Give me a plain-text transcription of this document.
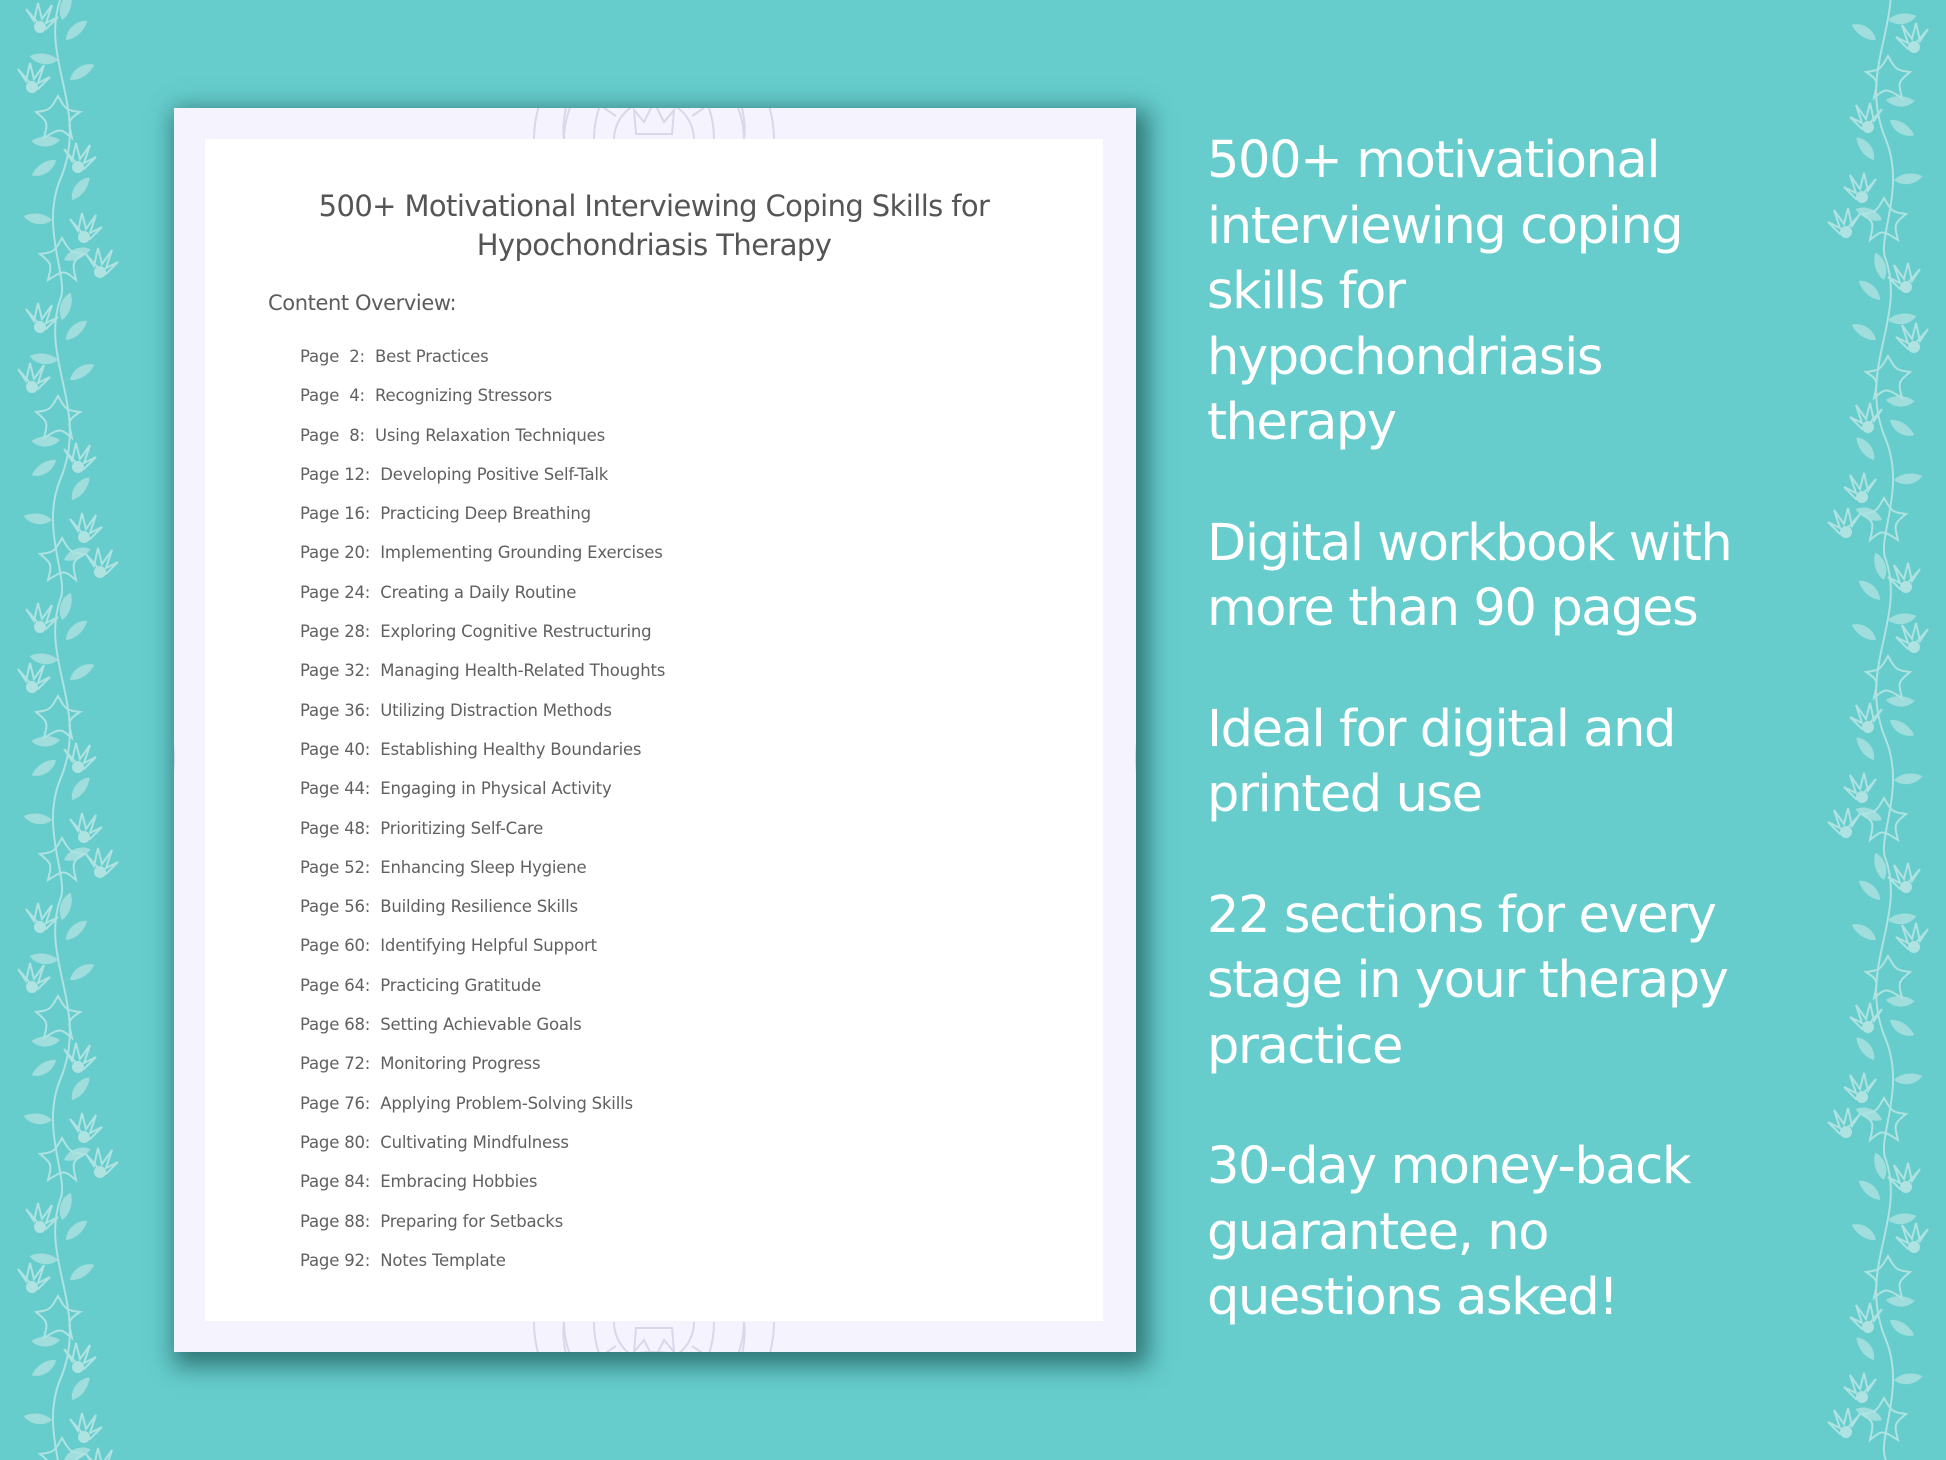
500+ Motivational Interviewing Coping Skills for
Hypochondriasis Therapy
Content Overview:
Page  2: Best Practices
Page  4: Recognizing Stressors
Page  8: Using Relaxation Techniques
Page 12: Developing Positive Self-Talk
Page 16: Practicing Deep Breathing
Page 20: Implementing Grounding Exercises
Page 24: Creating a Daily Routine
Page 28: Exploring Cognitive Restructuring
Page 32: Managing Health-Related Thoughts
Page 36: Utilizing Distraction Methods
Page 40: Establishing Healthy Boundaries
Page 44: Engaging in Physical Activity
Page 48: Prioritizing Self-Care
Page 52: Enhancing Sleep Hygiene
Page 56: Building Resilience Skills
Page 60: Identifying Helpful Support
Page 64: Practicing Gratitude
Page 68: Setting Achievable Goals
Page 72: Monitoring Progress
Page 76: Applying Problem-Solving Skills
Page 80: Cultivating Mindfulness
Page 84: Embracing Hobbies
Page 88: Preparing for Setbacks
Page 92: Notes Template
500+ motivational
interviewing coping
skills for
hypochondriasis
therapy
Digital workbook with
more than 90 pages
Ideal for digital and
printed use
22 sections for every
stage in your therapy
practice
30-day money-back
guarantee, no
questions asked!
